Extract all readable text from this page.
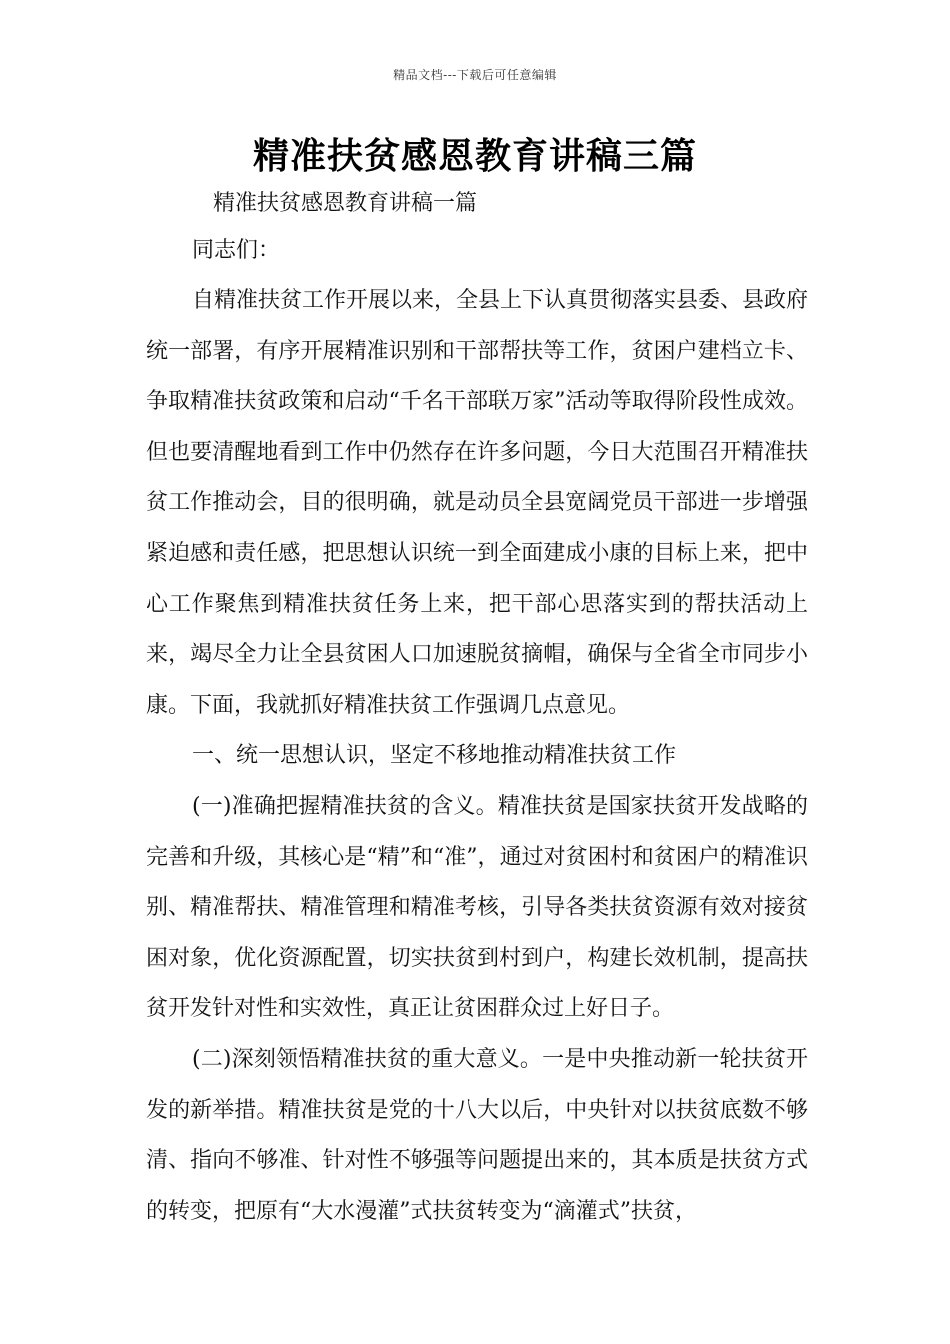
精品文档---下载后可任意编辑
精准扶贫感恩教育讲稿三篇
精准扶贫感恩教育讲稿一篇
同志们：

自精准扶贫工作开展以来，全县上下认真贯彻落实县委、县政府统一部署，有序开展精准识别和干部帮扶等工作，贫困户建档立卡、争取精准扶贫政策和启动“千名干部联万家”活动等取得阶段性成效。但也要清醒地看到工作中仍然存在许多问题，今日大范围召开精准扶贫工作推动会，目的很明确，就是动员全县宽阔党员干部进一步增强紧迫感和责任感，把思想认识统一到全面建成小康的目标上来，把中心工作聚焦到精准扶贫任务上来，把干部心思落实到的帮扶活动上来，竭尽全力让全县贫困人口加速脱贫摘帽，确保与全省全市同步小康。下面，我就抓好精准扶贫工作强调几点意见。

一、统一思想认识，坚定不移地推动精准扶贫工作

(一)准确把握精准扶贫的含义。精准扶贫是国家扶贫开发战略的完善和升级，其核心是“精”和“准”，通过对贫困村和贫困户的精准识别、精准帮扶、精准管理和精准考核，引导各类扶贫资源有效对接贫困对象，优化资源配置，切实扶贫到村到户，构建长效机制，提高扶贫开发针对性和实效性，真正让贫困群众过上好日子。

(二)深刻领悟精准扶贫的重大意义。一是中央推动新一轮扶贫开发的新举措。精准扶贫是党的十八大以后，中央针对以扶贫底数不够清、指向不够准、针对性不够强等问题提出来的，其本质是扶贫方式的转变，把原有“大水漫灌”式扶贫转变为“滴灌式”扶贫，
